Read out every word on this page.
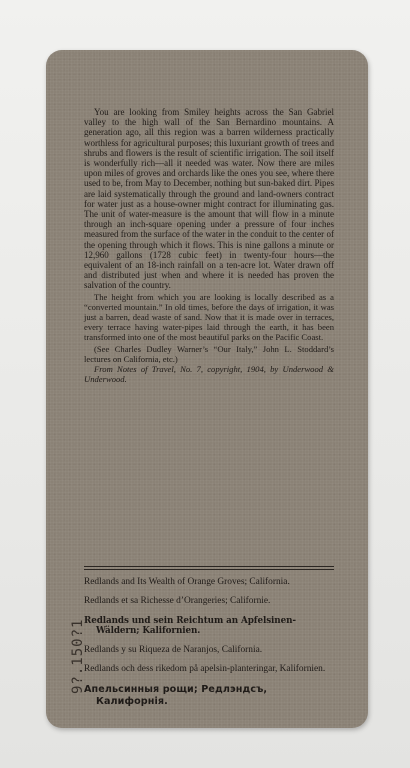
9?.150?1

You are looking from Smiley heights across the San Gabriel valley to the high wall of the San Bernardino mountains. A generation ago, all this region was a barren wilderness practically worthless for agricultural purposes; this luxuriant growth of trees and shrubs and flowers is the result of scientific irrigation. The soil itself is wonderfully rich—all it needed was water. Now there are miles upon miles of groves and orchards like the ones you see, where there used to be, from May to December, nothing but sun-baked dirt. Pipes are laid systematically through the ground and land-owners contract for water just as a house-owner might contract for illuminating gas. The unit of water-measure is the amount that will flow in a minute through an inch-square opening under a pressure of four inches measured from the surface of the water in the conduit to the center of the opening through which it flows. This is nine gallons a minute or 12,960 gallons (1728 cubic feet) in twenty-four hours—the equivalent of an 18-inch rainfall on a ten-acre lot. Water drawn off and distributed just when and where it is needed has proven the salvation of the country.

The height from which you are looking is locally described as a “converted mountain.” In old times, before the days of irrigation, it was just a barren, dead waste of sand. Now that it is made over in terraces, every terrace having water-pipes laid through the earth, it has been transformed into one of the most beautiful parks on the Pacific Coast.

(See Charles Dudley Warner’s “Our Italy,” John L. Stoddard’s lectures on California, etc.)

From Notes of Travel, No. 7, copyright, 1904, by Underwood & Underwood.

Redlands and Its Wealth of Orange Groves; California.

Redlands et sa Richesse d’Orangeries; Californie.

Redlands und sein Reichtum an Apfelsinen-Wäldern; Kalifornien.

Redlands y su Riqueza de Naranjos, California.

Redlands och dess rikedom på apelsin-planteringar, Kalifornien.

Апельсинныя рощи; Редлэндсъ, Калифорнія.
